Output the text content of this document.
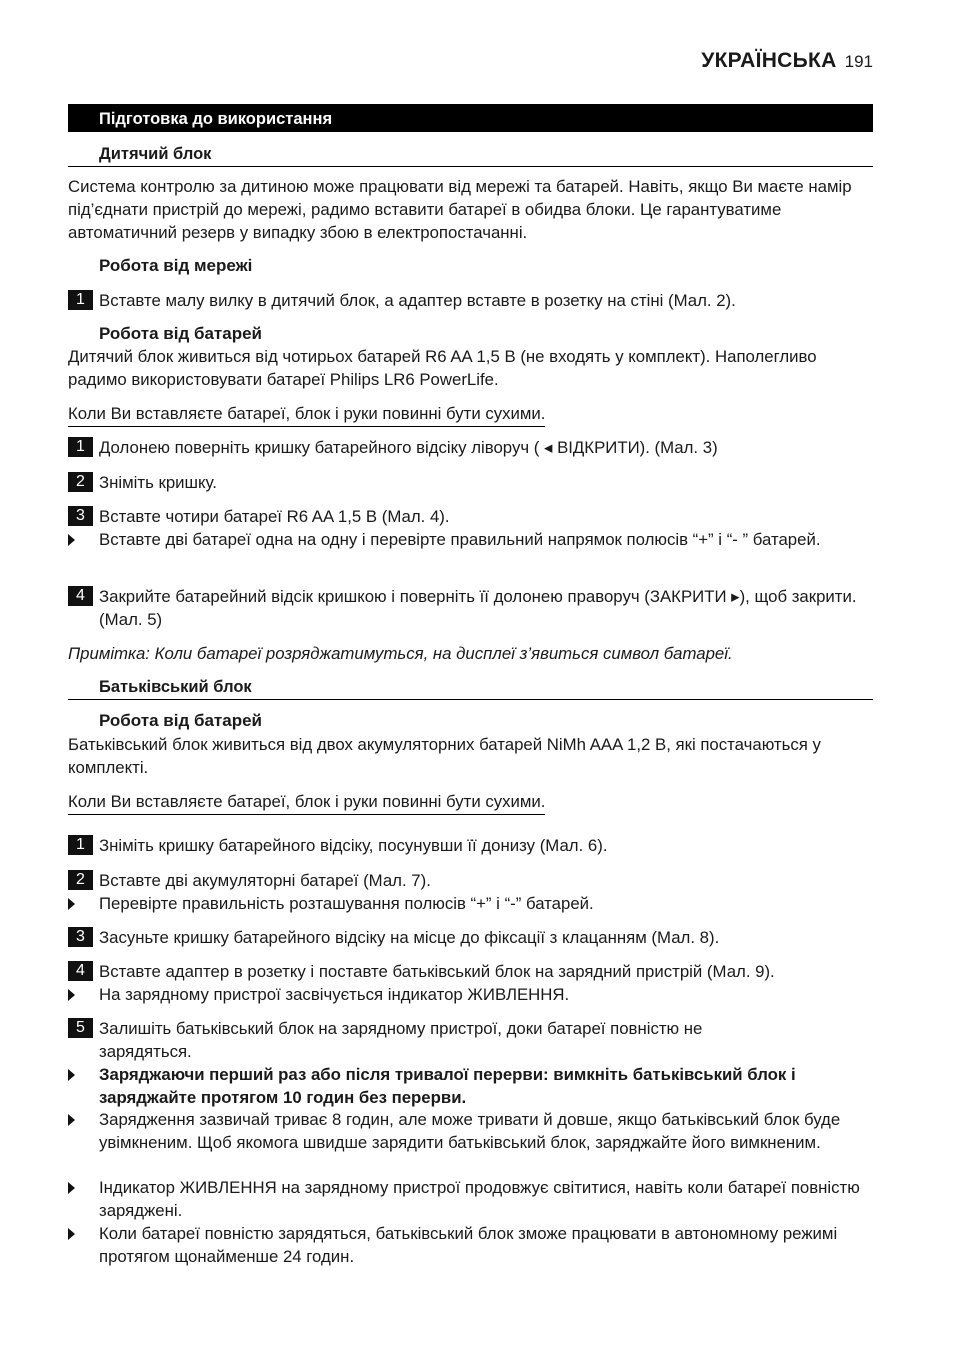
УКРАЇНСЬКА 191
Підготовка до використання
Дитячий блок
Система контролю за дитиною може працювати від мережі та батарей. Навіть, якщо Ви маєте намір під’єднати пристрій до мережі, радимо вставити батареї в обидва блоки. Це гарантуватиме автоматичний резерв у випадку збою в електропостачанні.
Робота від мережі
1 Вставте малу вилку в дитячий блок, а адаптер вставте в розетку на стіні (Мал. 2).
Робота від батарей
Дитячий блок живиться від чотирьох батарей R6 AA 1,5 В (не входять у комплект). Наполегливо радимо використовувати батареї Philips LR6 PowerLife.
Коли Ви вставляєте батареї, блок і руки повинні бути сухими.
1 Долонею поверніть кришку батарейного відсіку ліворуч ( ◂ ВІДКРИТИ). (Мал. 3)
2 Зніміть кришку.
3 Вставте чотири батареї R6 AA 1,5 В (Мал. 4).
Вставте дві батареї одна на одну і перевірте правильний напрямок полюсів “+” і “- ” батарей.
4 Закрийте батарейний відсік кришкою і поверніть її долонею праворуч (ЗАКРИТИ ▸), щоб закрити. (Мал. 5)
Примітка: Коли батареї розряджатимуться, на дисплеї з’явиться символ батареї.
Батьківський блок
Робота від батарей
Батьківський блок живиться від двох акумуляторних батарей NiMh AAA 1,2 В, які постачаються у комплекті.
Коли Ви вставляєте батареї, блок і руки повинні бути сухими.
1 Зніміть кришку батарейного відсіку, посунувши її донизу (Мал. 6).
2 Вставте дві акумуляторні батареї (Мал. 7).
Перевірте правильність розташування полюсів “+” і “-” батарей.
3 Засуньте кришку батарейного відсіку на місце до фіксації з клацанням (Мал. 8).
4 Вставте адаптер в розетку і поставте батьківський блок на зарядний пристрій (Мал. 9).
На зарядному пристрої засвічується індикатор ЖИВЛЕННЯ.
5 Залишіть батьківський блок на зарядному пристрої, доки батареї повністю не зарядяться.
Заряджаючи перший раз або після тривалої перерви: вимкніть батьківський блок і заряджайте протягом 10 годин без перерви.
Зарядження зазвичай триває 8 годин, але може тривати й довше, якщо батьківський блок буде увімкненим. Щоб якомога швидше зарядити батьківський блок, заряджайте його вимкненим.
Індикатор ЖИВЛЕННЯ на зарядному пристрої продовжує світитися, навіть коли батареї повністю заряджені.
Коли батареї повністю зарядяться, батьківський блок зможе працювати в автономному режимі протягом щонайменше 24 годин.
